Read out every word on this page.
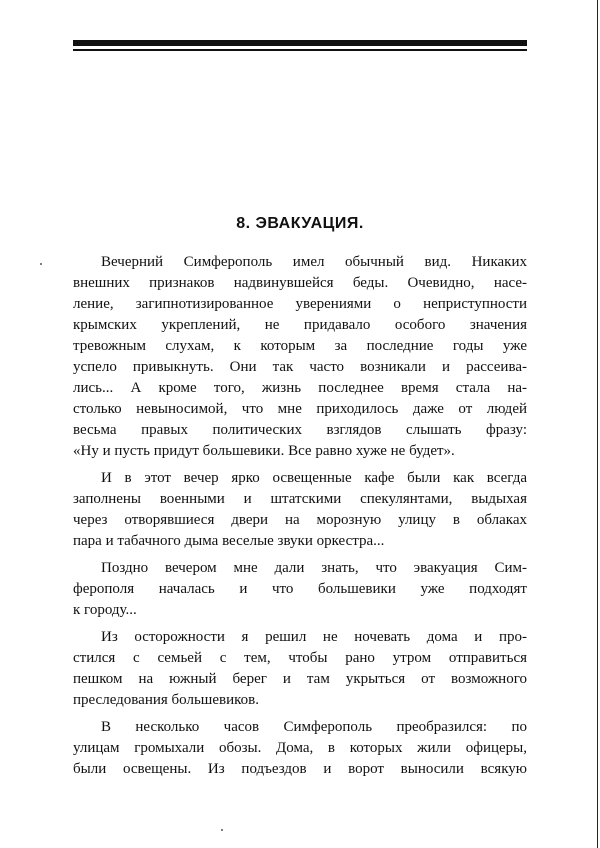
8. ЭВАКУАЦИЯ.

Вечерний Симферополь имел обычный вид. Никаких
внешних признаков надвинувшейся беды. Очевидно, насе-
ление, загипнотизированное уверениями о неприступности
крымских укреплений, не придавало особого значения
тревожным слухам, к которым за последние годы уже
успело привыкнуть. Они так часто возникали и рассеива-
лись... А кроме того, жизнь последнее время стала на-
столько невыносимой, что мне приходилось даже от людей
весьма правых политических взглядов слышать фразу:
«Ну и пусть придут большевики. Все равно хуже не будет».

И в этот вечер ярко освещенные кафе были как всегда
заполнены военными и штатскими спекулянтами, выдыхая
через отворявшиеся двери на морозную улицу в облаках
пара и табачного дыма веселые звуки оркестра...

Поздно вечером мне дали знать, что эвакуация Сим-
ферополя началась и что большевики уже подходят
к городу...

Из осторожности я решил не ночевать дома и про-
стился с семьей с тем, чтобы рано утром отправиться
пешком на южный берег и там укрыться от возможного
преследования большевиков.

В несколько часов Симферополь преобразился: по
улицам громыхали обозы. Дома, в которых жили офицеры,
были освещены. Из подъездов и ворот выносили всякую
